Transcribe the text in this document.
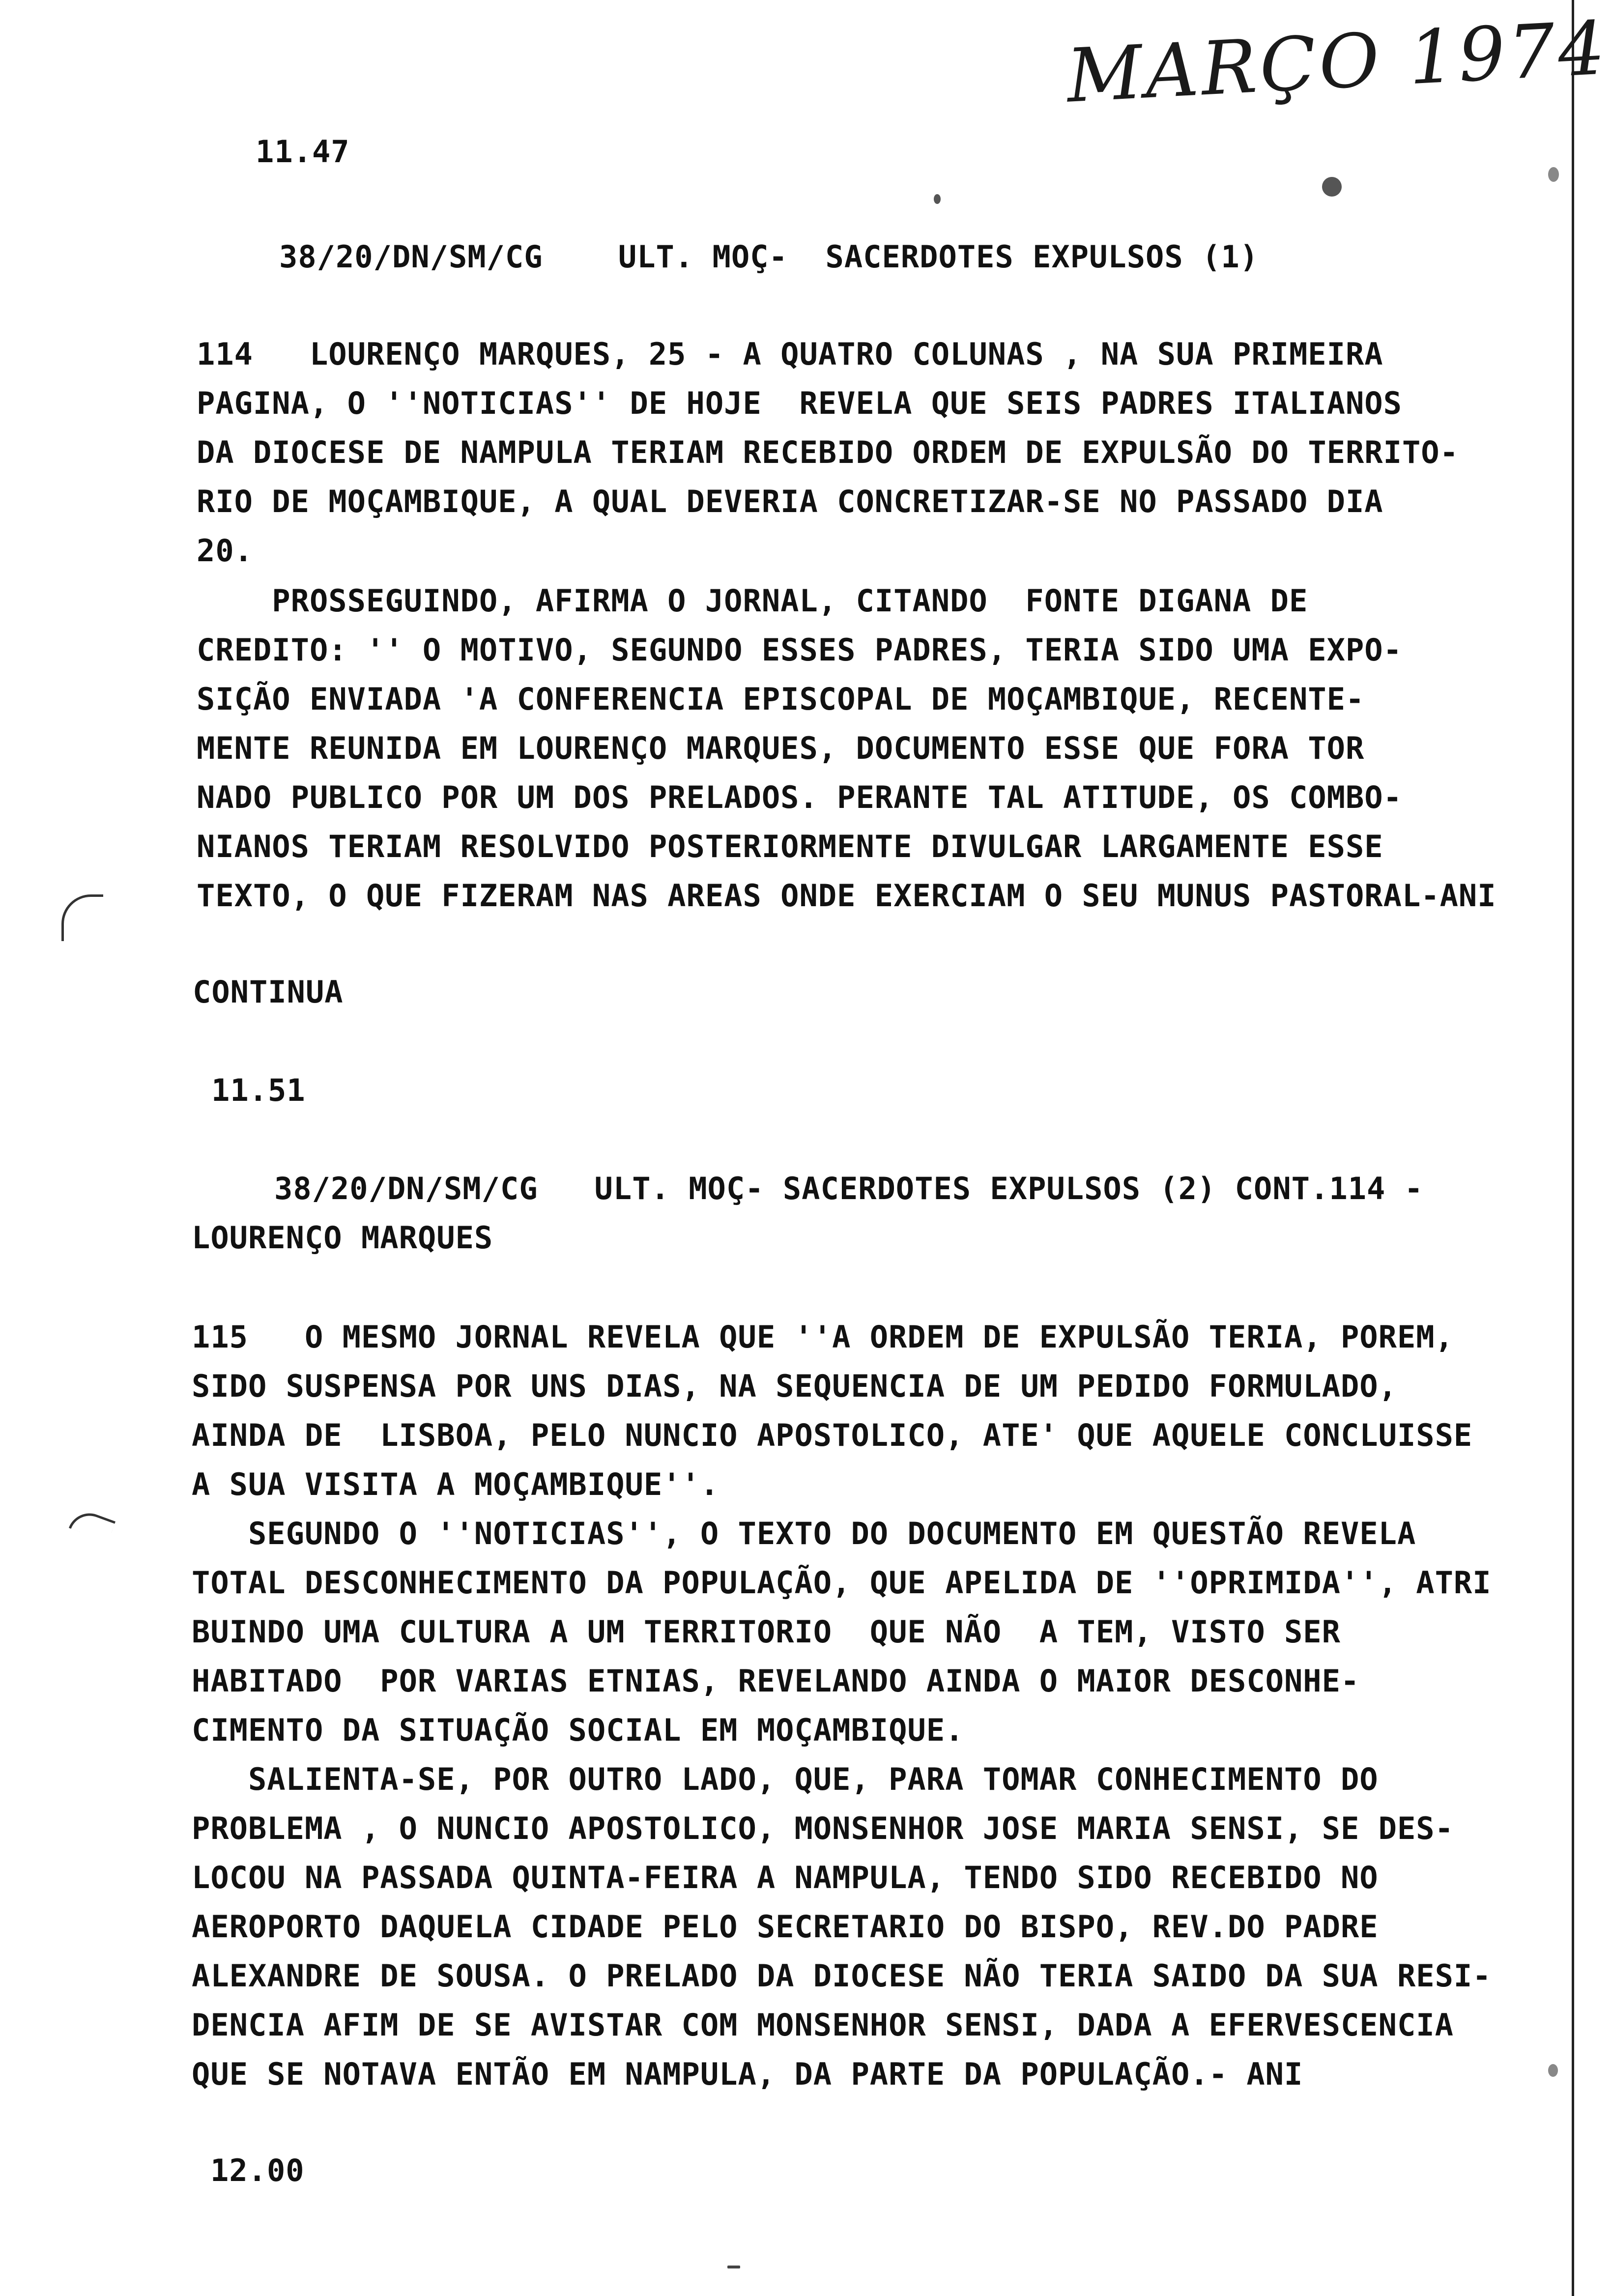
MARÇO 1974
11.47
38/20/DN/SM/CG    ULT. MOÇ-  SACERDOTES EXPULSOS (1)
114   LOURENÇO MARQUES, 25 - A QUATRO COLUNAS , NA SUA PRIMEIRA
PAGINA, O ''NOTICIAS'' DE HOJE  REVELA QUE SEIS PADRES ITALIANOS
DA DIOCESE DE NAMPULA TERIAM RECEBIDO ORDEM DE EXPULSÃO DO TERRITO-
RIO DE MOÇAMBIQUE, A QUAL DEVERIA CONCRETIZAR-SE NO PASSADO DIA
20.
PROSSEGUINDO, AFIRMA O JORNAL, CITANDO  FONTE DIGANA DE
CREDITO: '' O MOTIVO, SEGUNDO ESSES PADRES, TERIA SIDO UMA EXPO-
SIÇÃO ENVIADA 'A CONFERENCIA EPISCOPAL DE MOÇAMBIQUE, RECENTE-
MENTE REUNIDA EM LOURENÇO MARQUES, DOCUMENTO ESSE QUE FORA TOR
NADO PUBLICO POR UM DOS PRELADOS. PERANTE TAL ATITUDE, OS COMBO-
NIANOS TERIAM RESOLVIDO POSTERIORMENTE DIVULGAR LARGAMENTE ESSE
TEXTO, O QUE FIZERAM NAS AREAS ONDE EXERCIAM O SEU MUNUS PASTORAL-ANI
CONTINUA
11.51
38/20/DN/SM/CG   ULT. MOÇ- SACERDOTES EXPULSOS (2) CONT.114 -
LOURENÇO MARQUES
115   O MESMO JORNAL REVELA QUE ''A ORDEM DE EXPULSÃO TERIA, POREM,
SIDO SUSPENSA POR UNS DIAS, NA SEQUENCIA DE UM PEDIDO FORMULADO,
AINDA DE  LISBOA, PELO NUNCIO APOSTOLICO, ATE' QUE AQUELE CONCLUISSE
A SUA VISITA A MOÇAMBIQUE''.
SEGUNDO O ''NOTICIAS'', O TEXTO DO DOCUMENTO EM QUESTÃO REVELA
TOTAL DESCONHECIMENTO DA POPULAÇÃO, QUE APELIDA DE ''OPRIMIDA'', ATRI
BUINDO UMA CULTURA A UM TERRITORIO  QUE NÃO  A TEM, VISTO SER
HABITADO  POR VARIAS ETNIAS, REVELANDO AINDA O MAIOR DESCONHE-
CIMENTO DA SITUAÇÃO SOCIAL EM MOÇAMBIQUE.
SALIENTA-SE, POR OUTRO LADO, QUE, PARA TOMAR CONHECIMENTO DO
PROBLEMA , O NUNCIO APOSTOLICO, MONSENHOR JOSE MARIA SENSI, SE DES-
LOCOU NA PASSADA QUINTA-FEIRA A NAMPULA, TENDO SIDO RECEBIDO NO
AEROPORTO DAQUELA CIDADE PELO SECRETARIO DO BISPO, REV.DO PADRE
ALEXANDRE DE SOUSA. O PRELADO DA DIOCESE NÃO TERIA SAIDO DA SUA RESI-
DENCIA AFIM DE SE AVISTAR COM MONSENHOR SENSI, DADA A EFERVESCENCIA
QUE SE NOTAVA ENTÃO EM NAMPULA, DA PARTE DA POPULAÇÃO.- ANI
12.00
